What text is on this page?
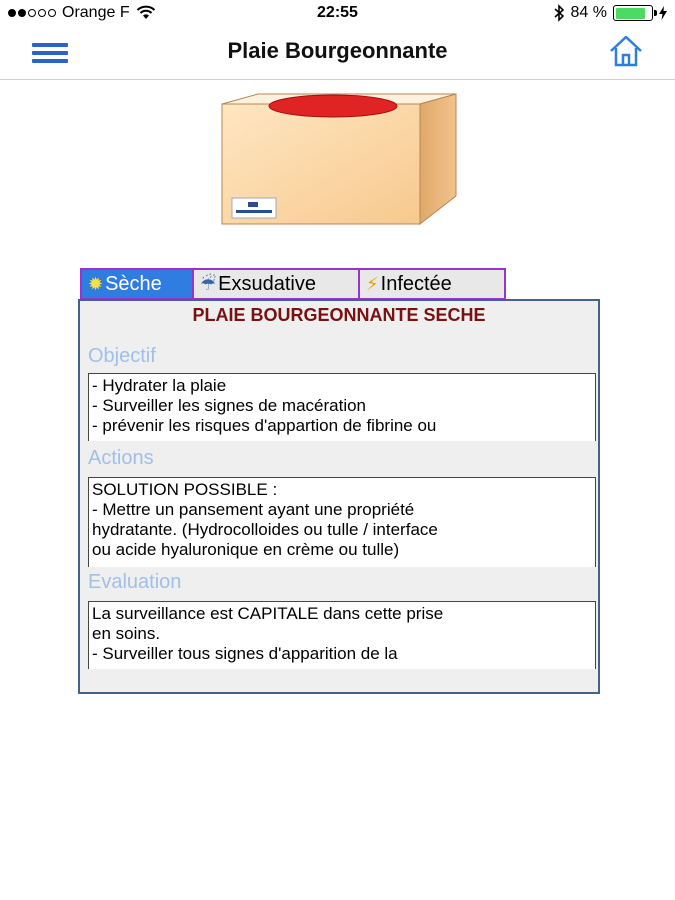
Orange F	22:55	84 %
Plaie Bourgeonnante
✹ Sèche ☔ Exsudative	⚡ Infectée
PLAIE BOURGEONNANTE SECHE
Objectif
- Hydrater la plaie
- Surveiller les signes de macération
- prévenir les risques d'appartion de fibrine ou
Actions
SOLUTION POSSIBLE :
- Mettre un pansement ayant une propriété
hydratante. (Hydrocolloides ou tulle / interface
ou acide hyaluronique en crème ou tulle)
Evaluation
La surveillance est CAPITALE dans cette prise
en soins.
- Surveiller tous signes d'apparition de la
